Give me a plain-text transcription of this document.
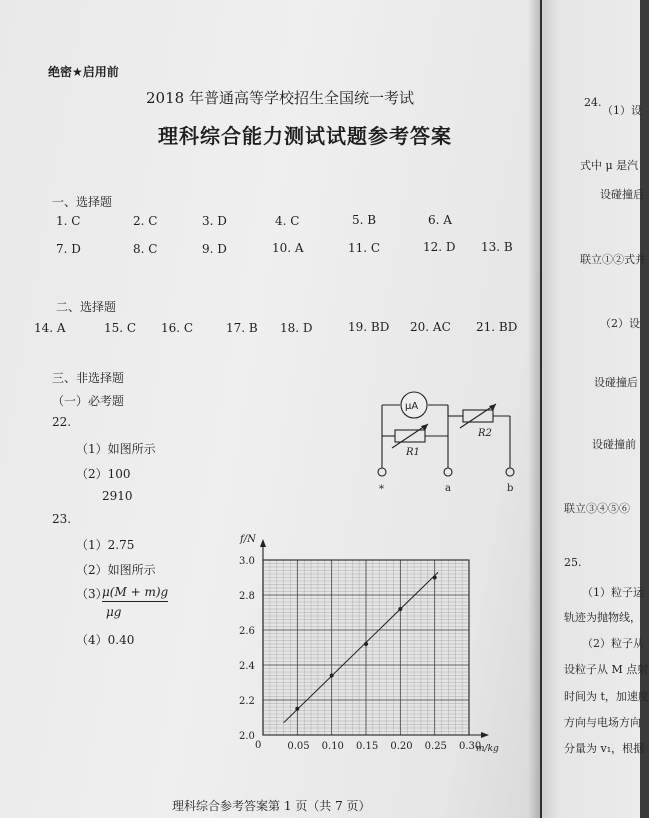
绝密★启用前
2018 年普通高等学校招生全国统一考试
理科综合能力测试试题参考答案
一、选择题
1. C	2. C	3. D	4. C	5. B	6. A
7. D	8. C	9. D	10. A	11. C	12. D 13. B
二、选择题
14. A	15. C 16. C	17. B 18. D	19. BD 20. AC 21. BD
三、非选择题
（一）必考题
22.
（1）如图所示
（2）100
2910
23.
（1）2.75
（2）如图所示
（3）
μ(M + m)g
μg
（4）0.40
μA
R1
R2
*	a	b
0.05 0.10 0.15 0.20 0.25 0.30
2.0
2.2
2.4
2.6
2.8
3.0
f/N
m/kg
0
理科综合参考答案第 1 页（共 7 页）
24.
（1）设
式中 μ 是汽
设碰撞后
联立①②式并
（2）设
设碰撞后
设碰撞前
联立③④⑤⑥
25.
（1）粒子运
轨迹为抛物线，
（2）粒子从
设粒子从 M 点射
时间为 t，加速度
方向与电场方向
分量为 v₁，根据
